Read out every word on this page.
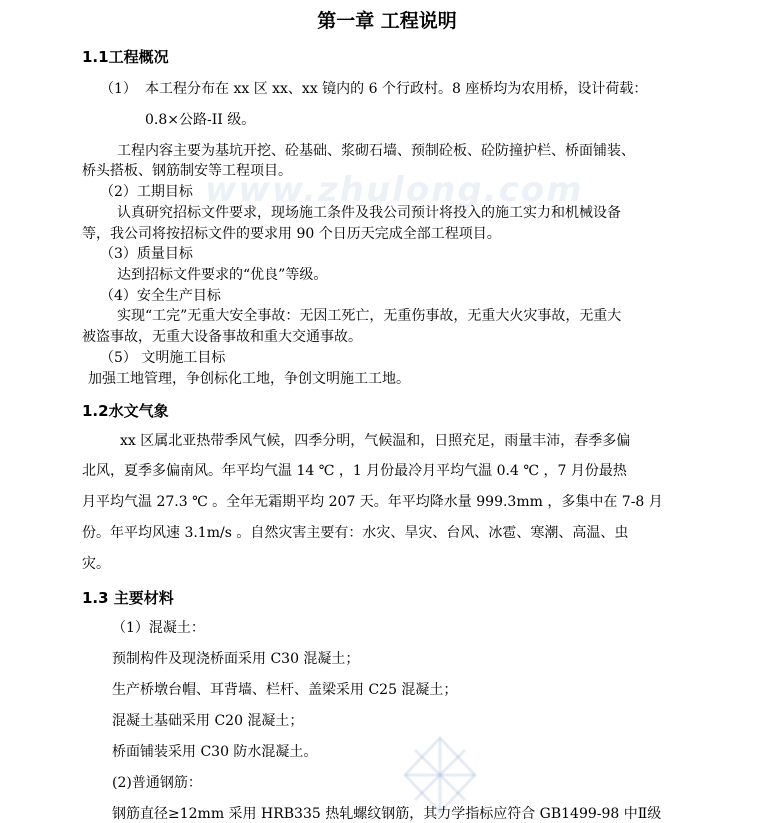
www.zhulong.com
第一章 工程说明
1.1工程概况
（1） 本工程分布在 xx 区 xx、xx 镜内的 6 个行政村。8 座桥均为农用桥，设计荷载：
0.8×公路-II 级。
工程内容主要为基坑开挖、砼基础、浆砌石墙、预制砼板、砼防撞护栏、桥面铺装、
桥头搭板、钢筋制安等工程项目。
（2）工期目标
认真研究招标文件要求，现场施工条件及我公司预计将投入的施工实力和机械设备
等，我公司将按招标文件的要求用 90 个日历天完成全部工程项目。
（3）质量目标
达到招标文件要求的“优良”等级。
（4）安全生产目标
实现“工完”无重大安全事故：无因工死亡，无重伤事故，无重大火灾事故，无重大
被盗事故，无重大设备事故和重大交通事故。
（5） 文明施工目标
加强工地管理，争创标化工地，争创文明施工工地。
1.2水文气象
xx 区属北亚热带季风气候，四季分明，气候温和，日照充足，雨量丰沛，春季多偏
北风，夏季多偏南风。年平均气温 14 ℃ ，1 月份最冷月平均气温 0.4 ℃ ，7 月份最热
月平均气温 27.3 ℃ 。全年无霜期平均 207 天。年平均降水量 999.3mm ，多集中在 7-8 月
份。年平均风速 3.1m/s 。自然灾害主要有：水灾、旱灾、台风、冰雹、寒潮、高温、虫
灾。
1.3 主要材料
（1）混凝土：
预制构件及现浇桥面采用 C30 混凝土；
生产桥墩台帽、耳背墙、栏杆、盖梁采用 C25 混凝土；
混凝土基础采用 C20 混凝土；
桥面铺装采用 C30 防水混凝土。
(2)普通钢筋：
钢筋直径≥12mm 采用 HRB335 热轧螺纹钢筋，其力学指标应符合 GB1499-98 中Ⅱ级
